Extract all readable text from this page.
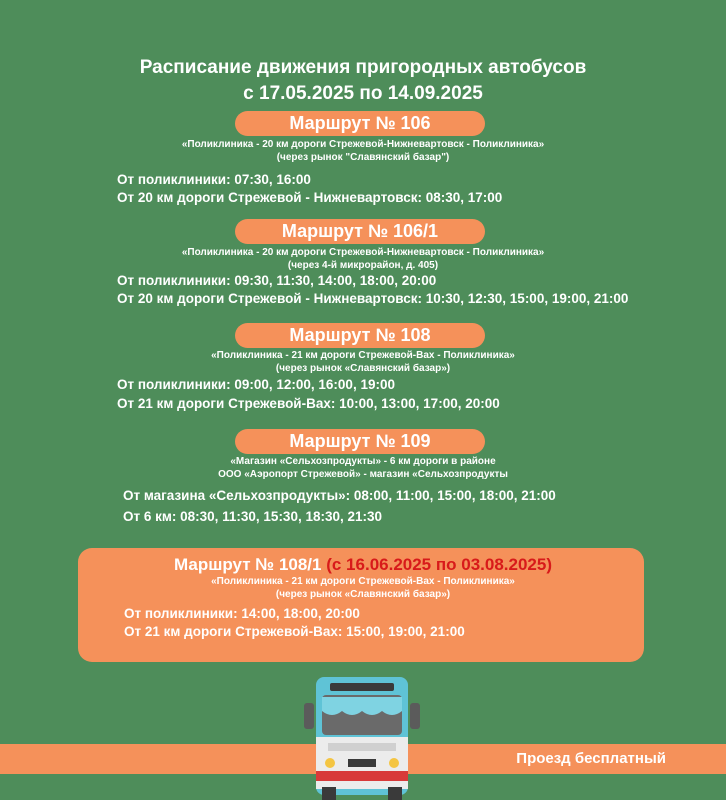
Расписание движения пригородных автобусов
с 17.05.2025 по 14.09.2025
Маршрут № 106
«Поликлиника - 20 км дороги Стрежевой-Нижневартовск - Поликлиника»
(через рынок "Славянский базар")
От поликлиники: 07:30, 16:00
От 20 км дороги Стрежевой - Нижневартовск: 08:30, 17:00
Маршрут № 106/1
«Поликлиника - 20 км дороги Стрежевой-Нижневартовск - Поликлиника»
(через 4-й микрорайон, д. 405)
От поликлиники: 09:30, 11:30, 14:00, 18:00, 20:00
От 20 км дороги Стрежевой - Нижневартовск: 10:30, 12:30, 15:00, 19:00, 21:00
Маршрут № 108
«Поликлиника - 21 км дороги Стрежевой-Вах - Поликлиника»
(через рынок «Славянский базар»)
От поликлиники: 09:00, 12:00, 16:00, 19:00
От 21 км дороги Стрежевой-Вах: 10:00, 13:00, 17:00, 20:00
Маршрут № 109
«Магазин «Сельхозпродукты» - 6 км дороги в районе
ООО «Аэропорт Стрежевой» - магазин «Сельхозпродукты
От магазина «Сельхозпродукты»: 08:00, 11:00, 15:00, 18:00, 21:00
От 6 км: 08:30, 11:30, 15:30, 18:30, 21:30
Маршрут № 108/1 (с 16.06.2025 по 03.08.2025)
«Поликлиника - 21 км дороги Стрежевой-Вах - Поликлиника»
(через рынок «Славянский базар»)
От поликлиники: 14:00, 18:00, 20:00
От 21 км дороги Стрежевой-Вах: 15:00, 19:00, 21:00
Проезд бесплатный
